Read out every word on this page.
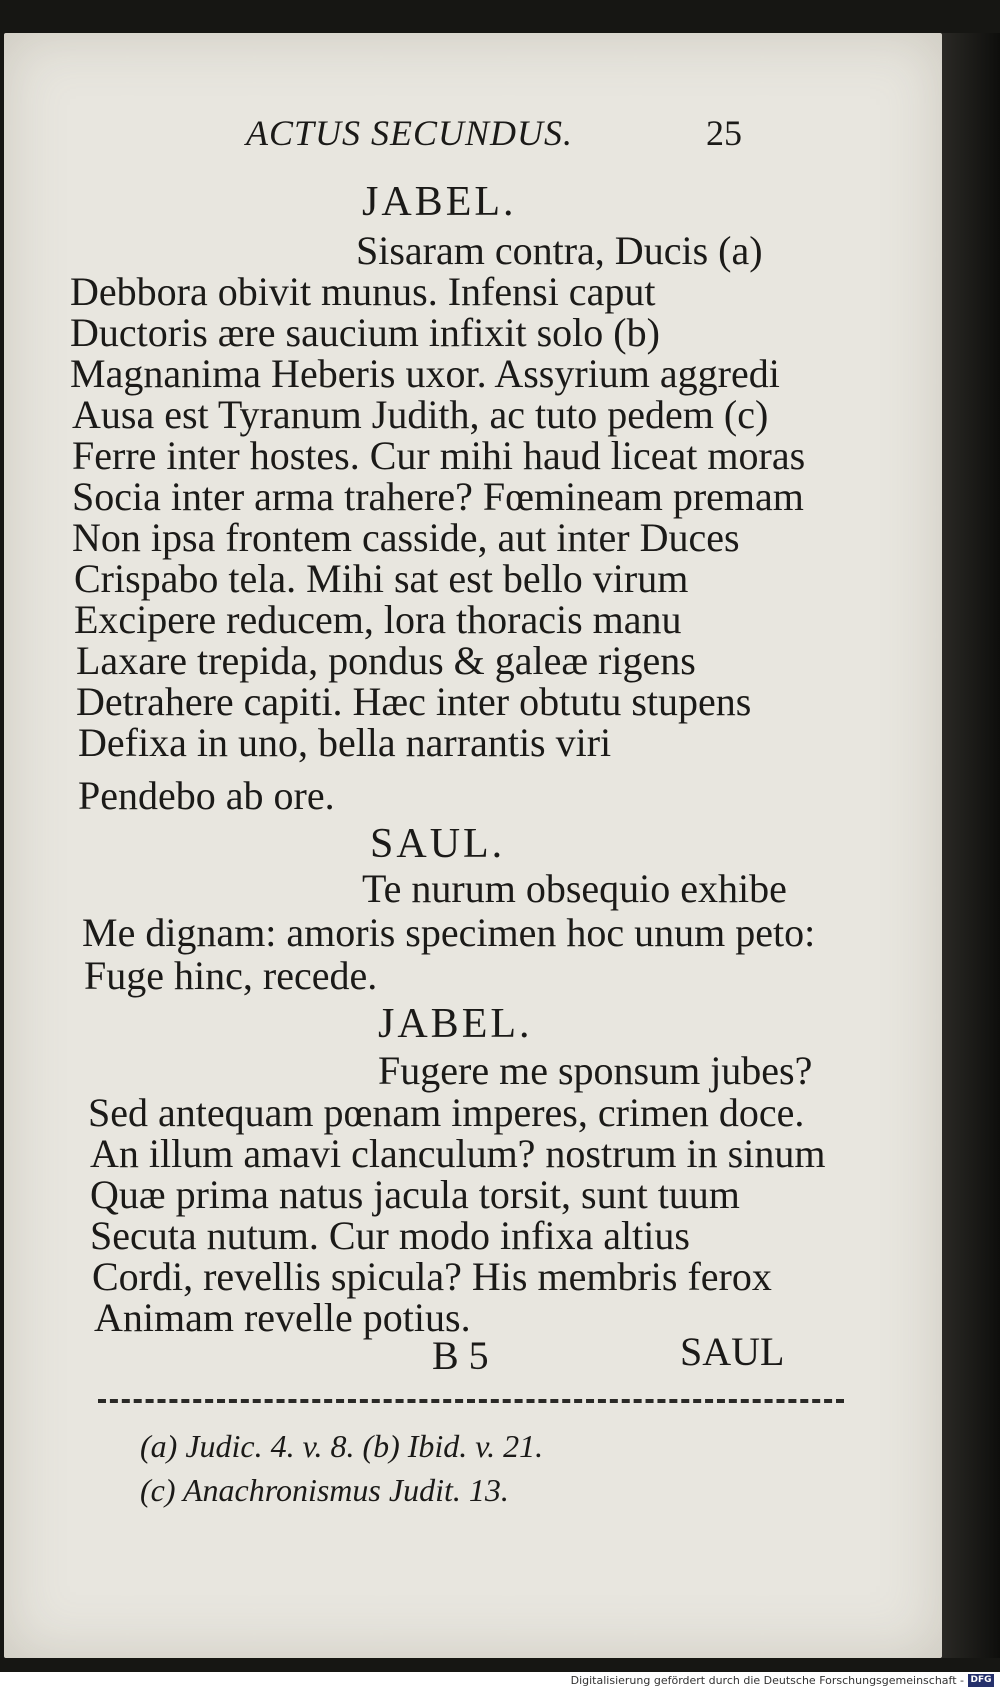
ACTUS SECUNDUS.	25
JABEL.
Sisaram contra, Ducis (a)
Debbora obivit munus. Infensi caput
Ductoris ære saucium infixit solo (b)
Magnanima Heberis uxor. Assyrium aggredi
Ausa est Tyranum Judith, ac tuto pedem (c)
Ferre inter hostes. Cur mihi haud liceat moras
Socia inter arma trahere? Fœmineam premam
Non ipsa frontem casside, aut inter Duces
Crispabo tela. Mihi sat est bello virum
Excipere reducem, lora thoracis manu
Laxare trepida, pondus & galeæ rigens
Detrahere capiti. Hæc inter obtutu stupens
Defixa in uno, bella narrantis viri
Pendebo ab ore.
SAUL.
Te nurum obsequio exhibe
Me dignam: amoris specimen hoc unum peto:
Fuge hinc, recede.
JABEL.
Fugere me sponsum jubes?
Sed antequam pœnam imperes, crimen doce.
An illum amavi clanculum? nostrum in sinum
Quæ prima natus jacula torsit, sunt tuum
Secuta nutum. Cur modo infixa altius
Cordi, revellis spicula? His membris ferox
Animam revelle potius.
B 5	SAUL
(a) Judic. 4. v. 8. (b) Ibid. v. 21.
(c) Anachronismus Judit. 13.
Digitalisierung gefördert durch die Deutsche Forschungsgemeinschaft - DFG
